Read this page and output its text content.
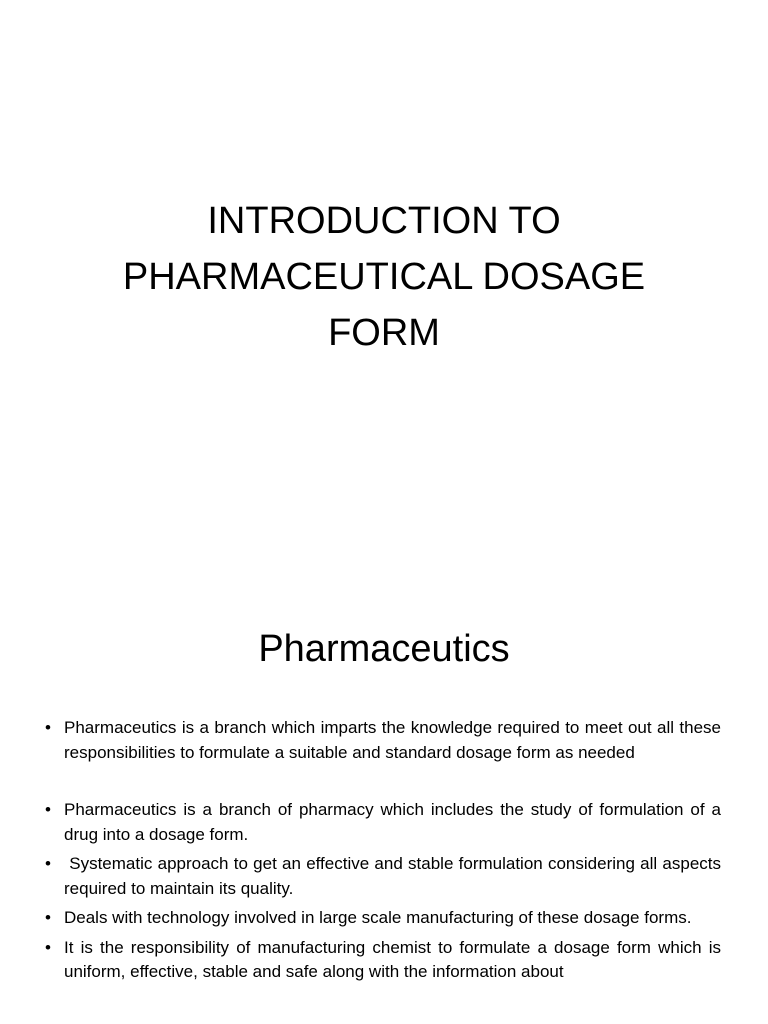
INTRODUCTION TO
PHARMACEUTICAL DOSAGE
FORM
Pharmaceutics
• Pharmaceutics is a branch which imparts the knowledge required to meet out all these responsibilities to formulate a suitable and standard dosage form as needed
• Pharmaceutics is a branch of pharmacy which includes the study of formulation of a drug into a dosage form.
• Systematic approach to get an effective and stable formulation considering all aspects required to maintain its quality.
• Deals with technology involved in large scale manufacturing of these dosage forms.
• It is the responsibility of manufacturing chemist to formulate a dosage form which is uniform, effective, stable and safe along with the information about
